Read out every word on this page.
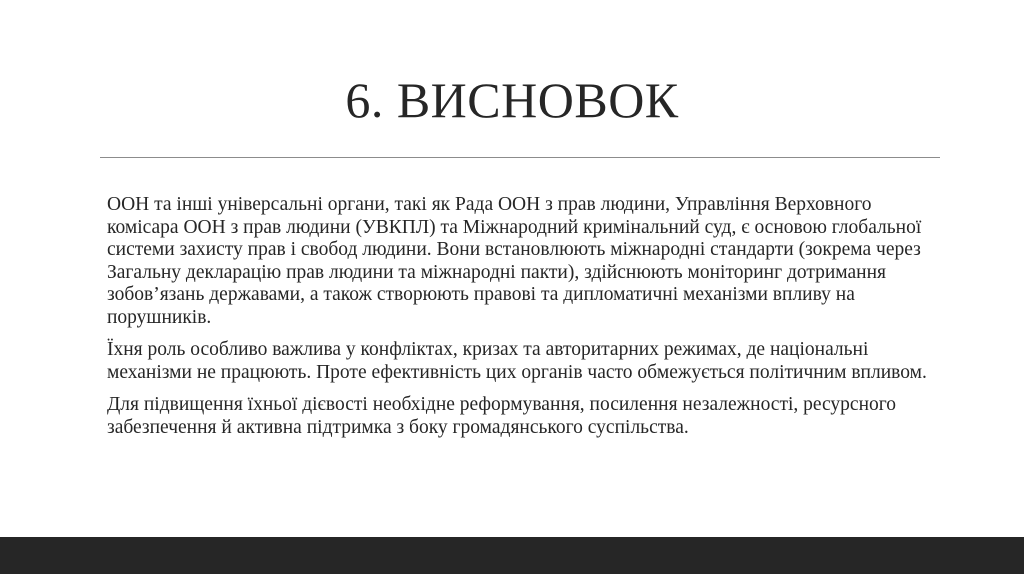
6. ВИСНОВОК

ООН та інші універсальні органи, такі як Рада ООН з прав людини, Управління Верховного комісара ООН з прав людини (УВКПЛ) та Міжнародний кримінальний суд, є основою глобальної системи захисту прав і свобод людини. Вони встановлюють міжнародні стандарти (зокрема через Загальну декларацію прав людини та міжнародні пакти), здійснюють моніторинг дотримання зобов’язань державами, а також створюють правові та дипломатичні механізми впливу на порушників.

Їхня роль особливо важлива у конфліктах, кризах та авторитарних режимах, де національні механізми не працюють. Проте ефективність цих органів часто обмежується політичним впливом.

Для підвищення їхньої дієвості необхідне реформування, посилення незалежності, ресурсного забезпечення й активна підтримка з боку громадянського суспільства.
